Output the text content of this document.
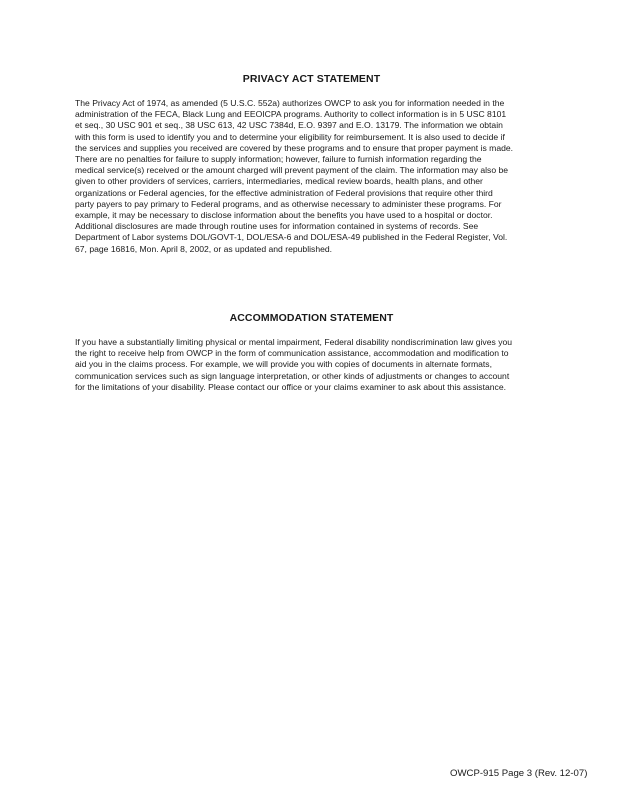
PRIVACY ACT STATEMENT
The Privacy Act of 1974, as amended (5 U.S.C. 552a) authorizes OWCP to ask you for information needed in the
administration of the FECA, Black Lung and EEOICPA programs. Authority to collect information is in 5 USC 8101
et seq., 30 USC 901 et seq., 38 USC 613, 42 USC 7384d, E.O. 9397 and E.O. 13179. The information we obtain
with this form is used to identify you and to determine your eligibility for reimbursement. It is also used to decide if
the services and supplies you received are covered by these programs and to ensure that proper payment is made.
There are no penalties for failure to supply information; however, failure to furnish information regarding the
medical service(s) received or the amount charged will prevent payment of the claim. The information may also be
given to other providers of services, carriers, intermediaries, medical review boards, health plans, and other
organizations or Federal agencies, for the effective administration of Federal provisions that require other third
party payers to pay primary to Federal programs, and as otherwise necessary to administer these programs. For
example, it may be necessary to disclose information about the benefits you have used to a hospital or doctor.
Additional disclosures are made through routine uses for information contained in systems of records. See
Department of Labor systems DOL/GOVT-1, DOL/ESA-6 and DOL/ESA-49 published in the Federal Register, Vol.
67, page 16816, Mon. April 8, 2002, or as updated and republished.
ACCOMMODATION STATEMENT
If you have a substantially limiting physical or mental impairment, Federal disability nondiscrimination law gives you
the right to receive help from OWCP in the form of communication assistance, accommodation and modification to
aid you in the claims process. For example, we will provide you with copies of documents in alternate formats,
communication services such as sign language interpretation, or other kinds of adjustments or changes to account
for the limitations of your disability. Please contact our office or your claims examiner to ask about this assistance.
OWCP-915 Page 3 (Rev. 12-07)
